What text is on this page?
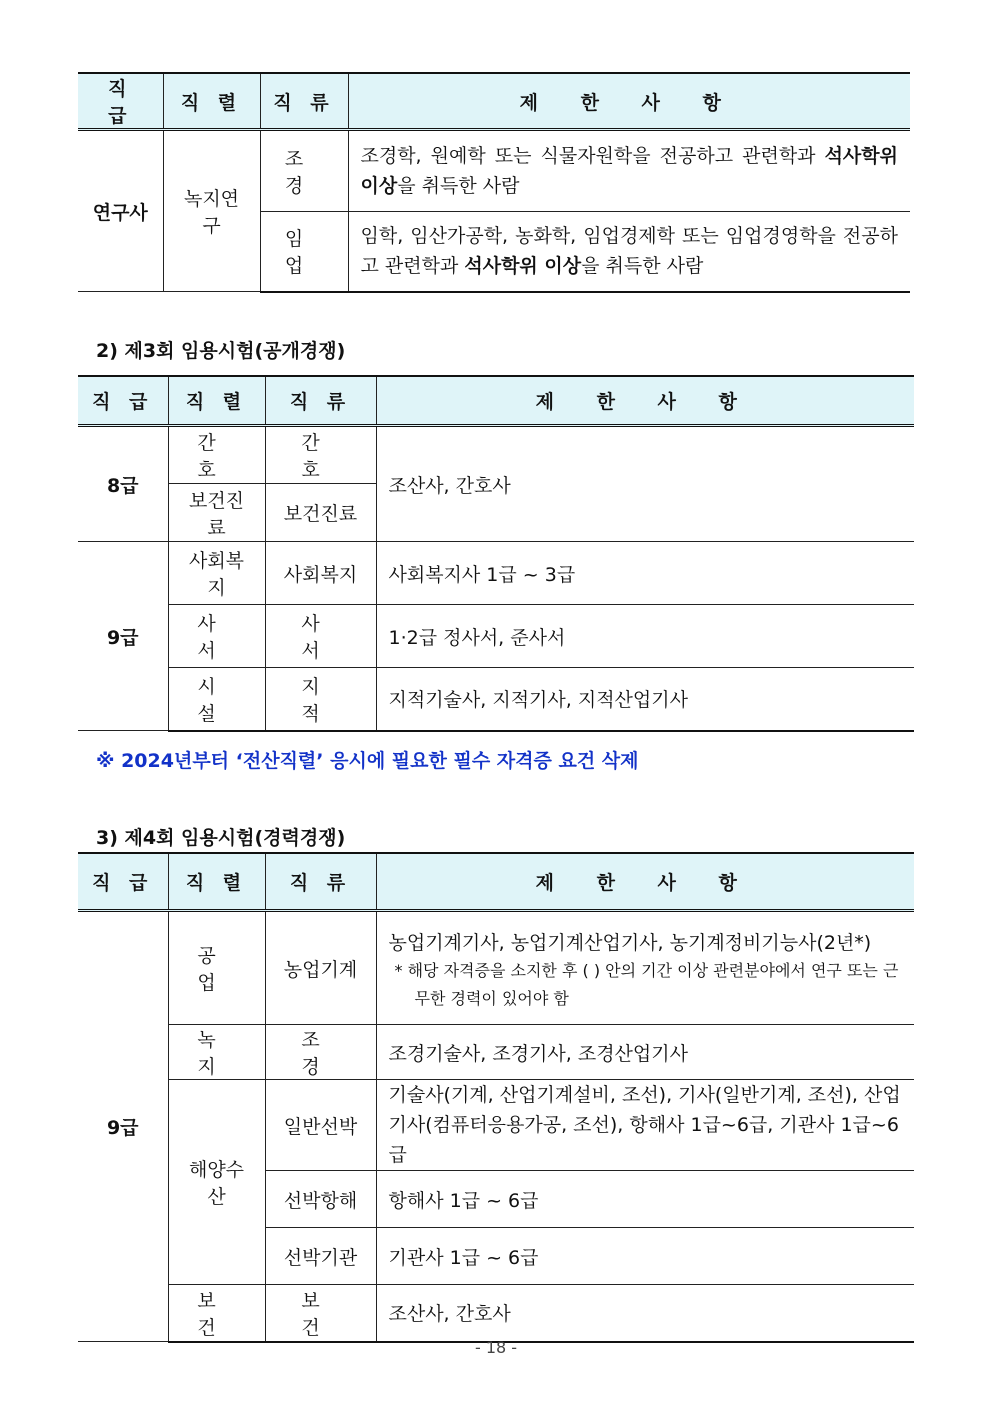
직 급	직 렬	직 류	제 한 사 항
연구사	녹지연구	조 경	조경학, 원예학 또는 식물자원학을 전공하고 관련학과 석사학위 이상을 취득한 사람
		임 업	임학, 임산가공학, 농화학, 임업경제학 또는 임업경영학을 전공하고 관련학과 석사학위 이상을 취득한 사람
2) 제3회 임용시험(공개경쟁)
직 급	직 렬	직 류	제 한 사 항
8급	간 호	간 호	조산사, 간호사
	보건진료	보건진료	
9급	사회복지	사회복지	사회복지사 1급 ~ 3급
	사 서	사 서	1·2급 정사서, 준사서
	시 설	지 적	지적기술사, 지적기사, 지적산업기사
※ 2024년부터 ‘전산직렬’ 응시에 필요한 필수 자격증 요건 삭제
3) 제4회 임용시험(경력경쟁)
직 급	직 렬	직 류	제 한 사 항
9급	공 업	농업기계	농업기계기사, 농업기계산업기사, 농기계정비기능사(2년*)
* 해당 자격증을 소지한 후 ( ) 안의 기간 이상 관련분야에서 연구 또는 근무한 경력이 있어야 함

	녹 지	조 경	조경기술사, 조경기사, 조경산업기사
	해양수산	일반선박	기술사(기계, 산업기계설비, 조선), 기사(일반기계, 조선), 산업기사(컴퓨터응용가공, 조선), 항해사 1급~6급, 기관사 1급~6급
		선박항해	항해사 1급 ~ 6급
		선박기관	기관사 1급 ~ 6급
	보 건	보 건	조산사, 간호사
- 18 -
